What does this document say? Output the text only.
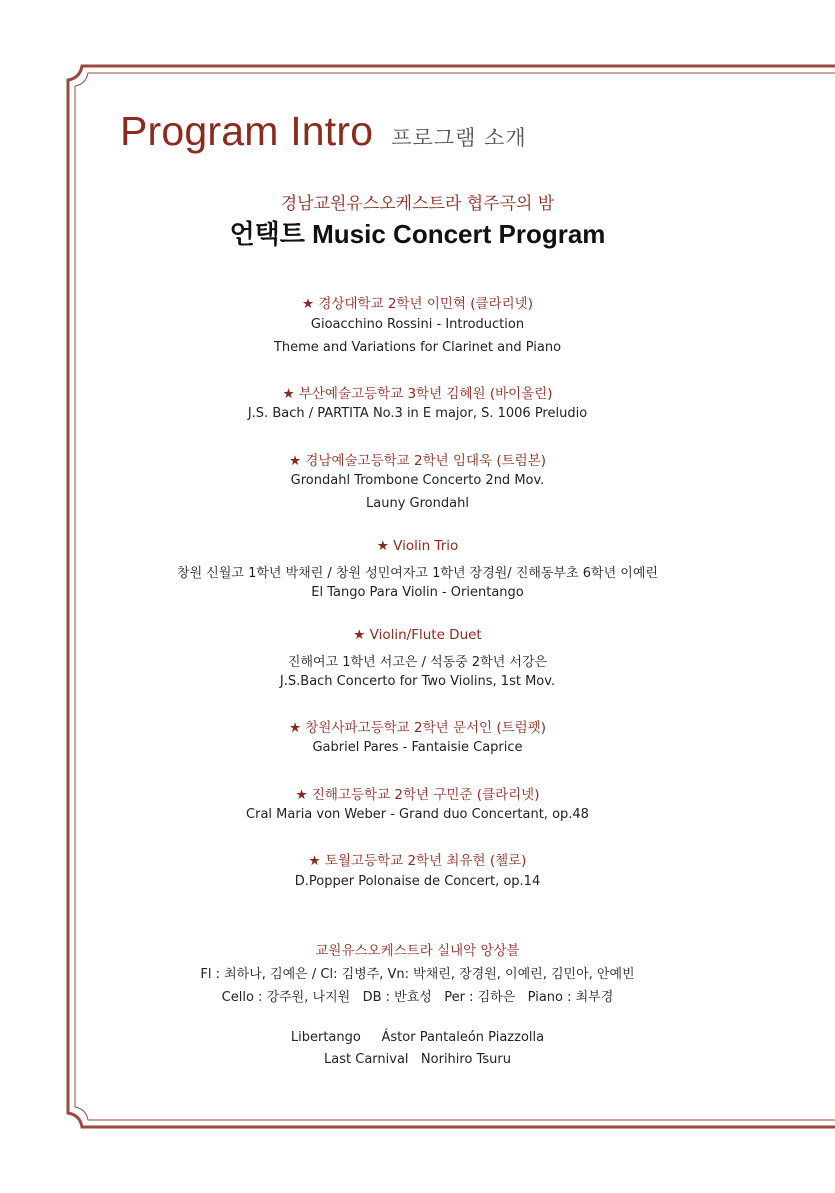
Program Intro 프로그램 소개
경남교원유스오케스트라 협주곡의 밤
언택트 Music Concert Program
★ 경상대학교 2학년 이민혁 (클라리넷)
Gioacchino Rossini - Introduction
Theme and Variations for Clarinet and Piano
★ 부산예술고등학교 3학년 김혜원 (바이올린)
J.S. Bach / PARTITA No.3 in E major, S. 1006 Preludio
★ 경남예술고등학교 2학년 임대욱 (트럼본)
Grondahl Trombone Concerto 2nd Mov.
Launy Grondahl
★ Violin Trio
창원 신월고 1학년 박채린 / 창원 성민여자고 1학년 장경원/ 진해동부초 6학년 이예린
El Tango Para Violin - Orientango
★ Violin/Flute Duet
진해여고 1학년 서고은 / 석동중 2학년 서강은
J.S.Bach Concerto for Two Violins, 1st Mov.
★ 창원사파고등학교 2학년 문서인 (트럼펫)
Gabriel Pares - Fantaisie Caprice
★ 진해고등학교 2학년 구민준 (클라리넷)
Cral Maria von Weber - Grand duo Concertant, op.48
★ 토월고등학교 2학년 최유현 (첼로)
D.Popper Polonaise de Concert, op.14
교원유스오케스트라 실내악 앙상블
Fl : 최하나, 김예은 / Cl: 김병주, Vn: 박채린, 장경원, 이예린, 김민아, 안예빈
Cello : 강주원, 나지원   DB : 반효성   Per : 김하은   Piano : 최부경
Libertango     Ástor Pantaleón Piazzolla
Last Carnival   Norihiro Tsuru
